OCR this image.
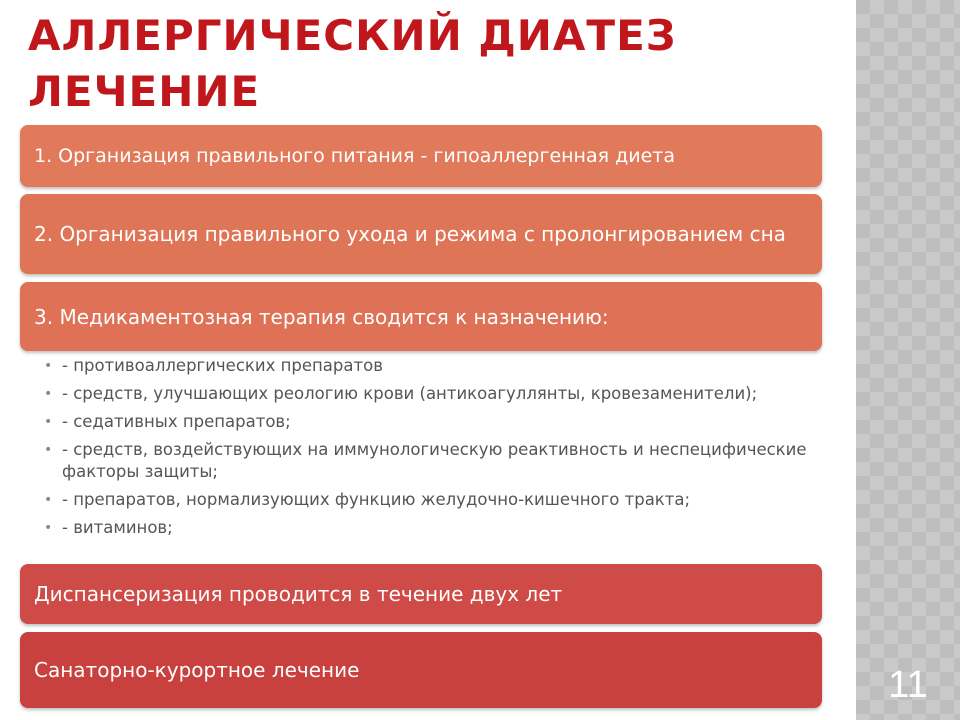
11
АЛЛЕРГИЧЕСКИЙ ДИАТЕЗ
ЛЕЧЕНИЕ
1. Организация правильного питания - гипоаллергенная диета
2. Организация правильного ухода и режима с пролонгированием сна
3. Медикаментозная терапия сводится к назначению:
• - противоаллергических препаратов
• - средств, улучшающих реологию крови (антикоагуллянты, кровезаменители);
• - седативных препаратов;
• - средств, воздействующих на иммунологическую реактивность и неспецифические факторы защиты;
• - препаратов, нормализующих функцию желудочно-кишечного тракта;
• - витаминов;
Диспансеризация проводится в течение двух лет
Санаторно-курортное лечение
